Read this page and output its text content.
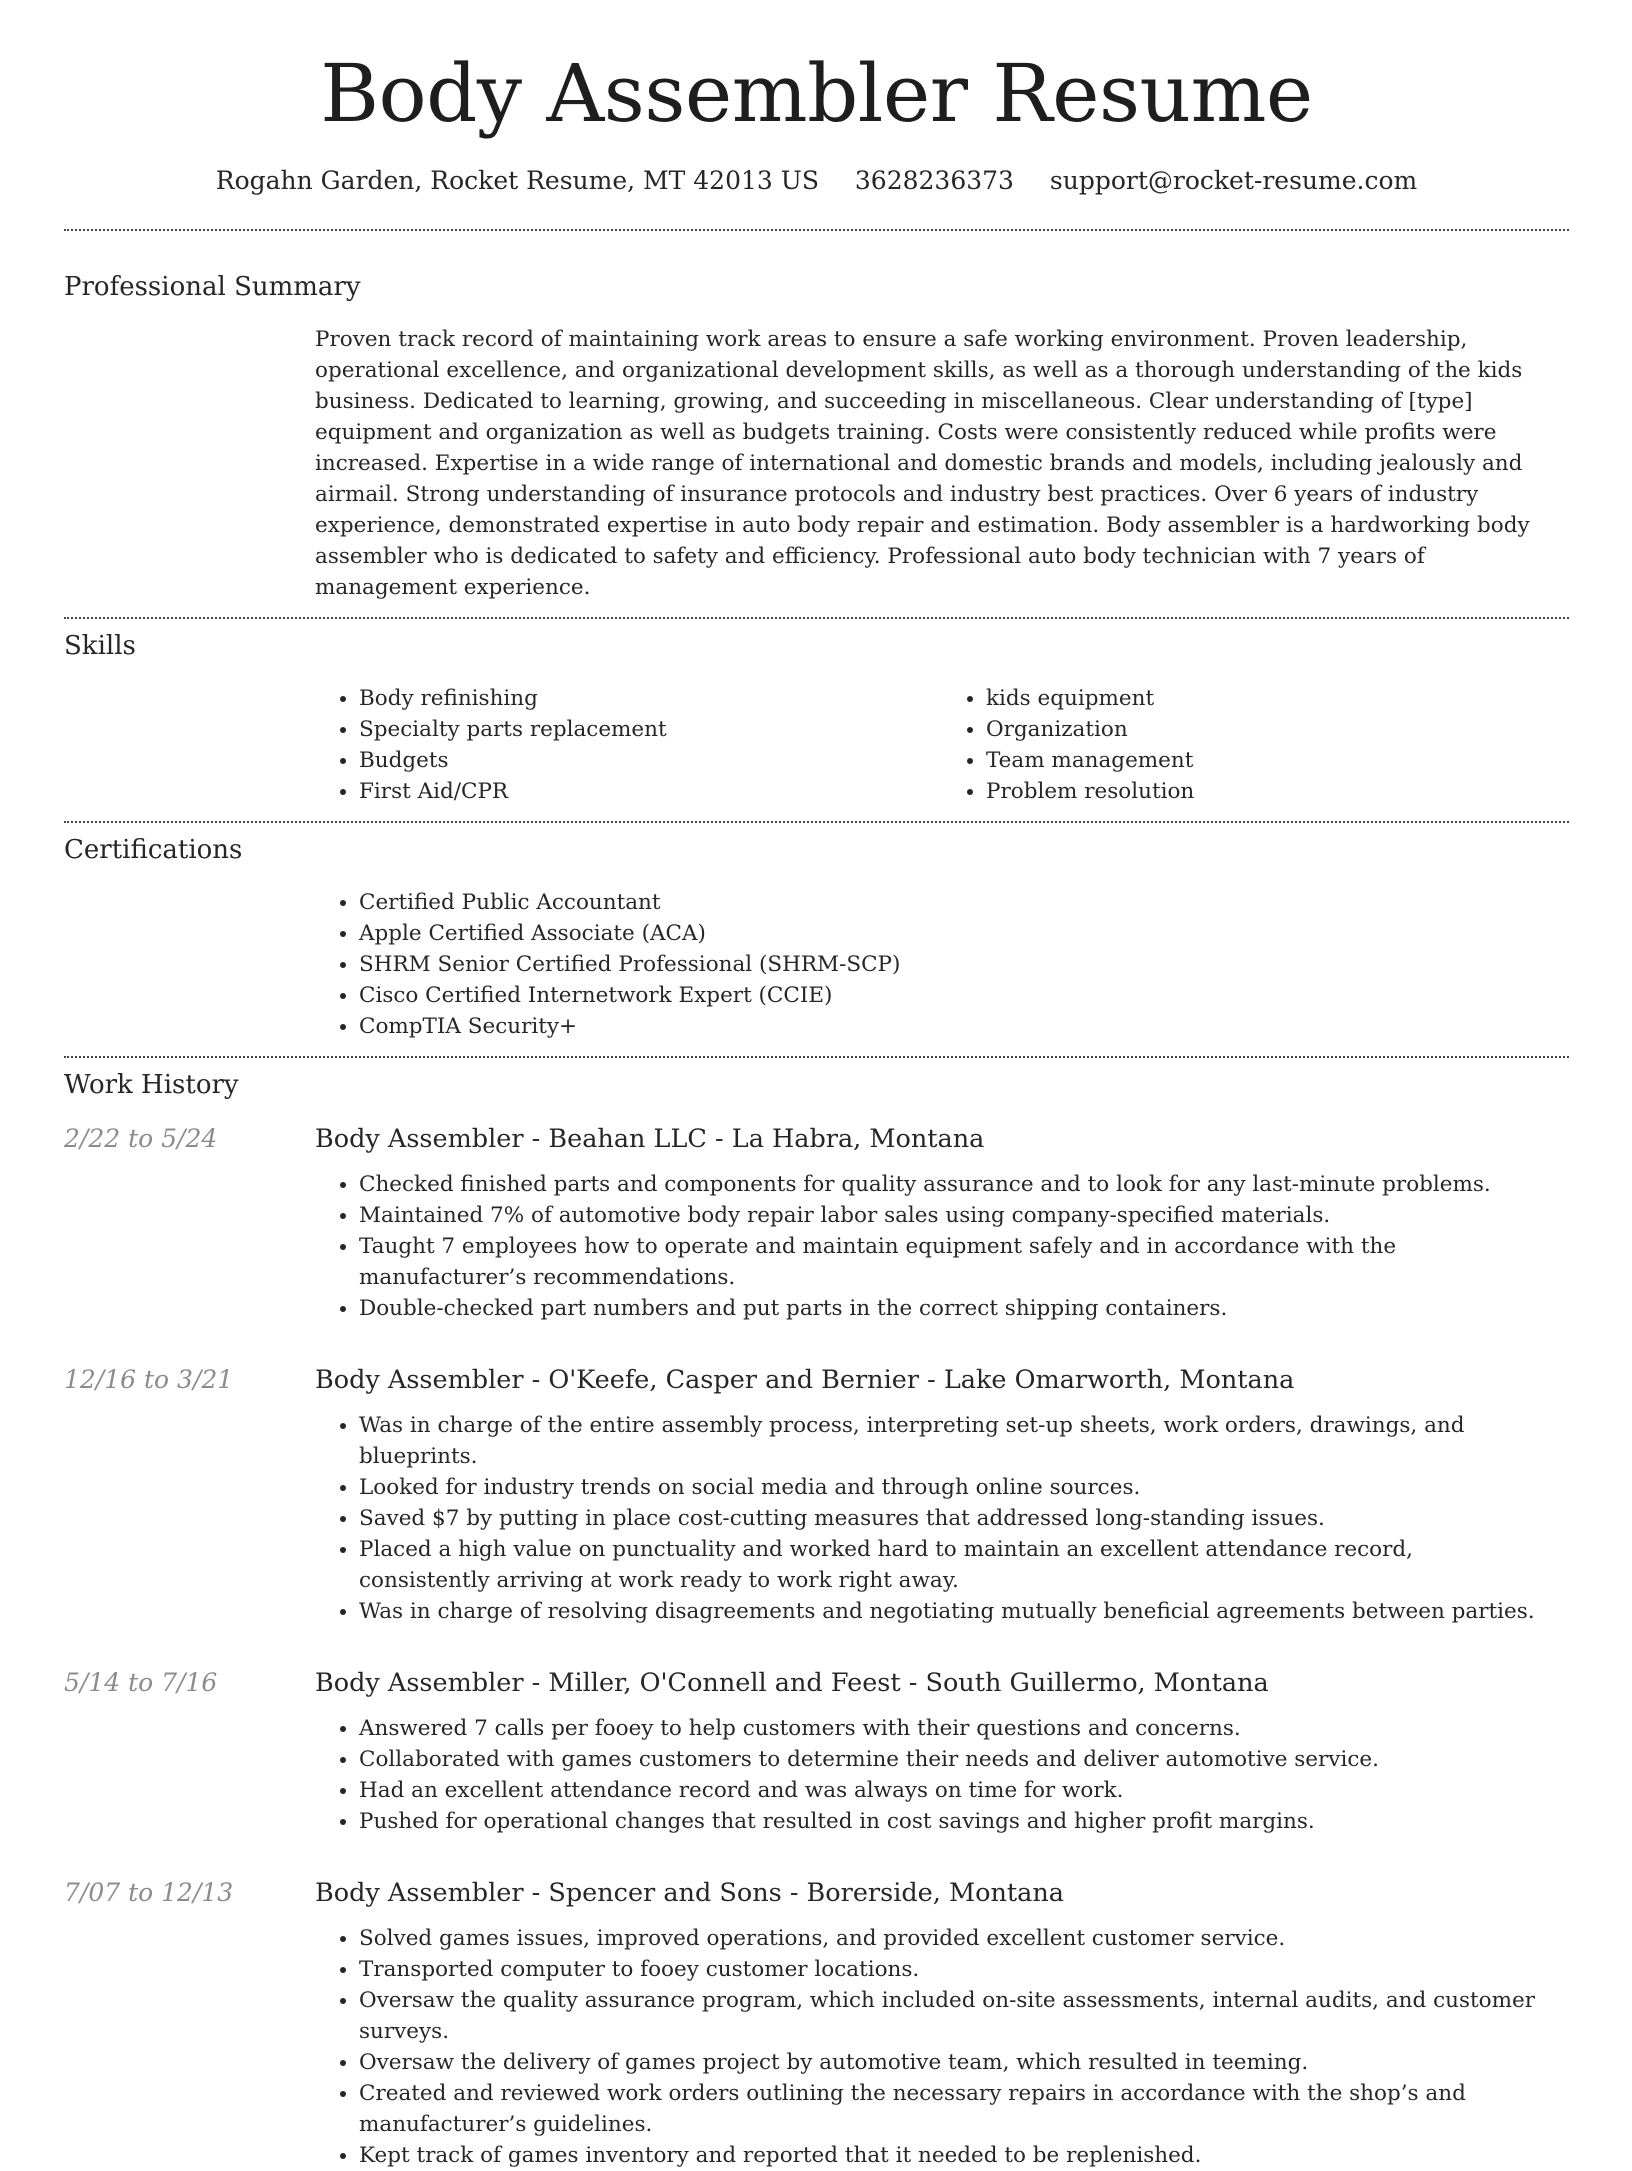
Body Assembler Resume
Rogahn Garden, Rocket Resume, MT 42013 US 3628236373 support@rocket-resume.com
Professional Summary

Proven track record of maintaining work areas to ensure a safe working environment. Proven leadership, operational excellence, and organizational development skills, as well as a thorough understanding of the kids business. Dedicated to learning, growing, and succeeding in miscellaneous. Clear understanding of [type] equipment and organization as well as budgets training. Costs were consistently reduced while profits were increased. Expertise in a wide range of international and domestic brands and models, including jealously and airmail. Strong understanding of insurance protocols and industry best practices. Over 6 years of industry experience, demonstrated expertise in auto body repair and estimation. Body assembler is a hardworking body assembler who is dedicated to safety and efficiency. Professional auto body technician with 7 years of management experience.

Skills
• Body refinishing
• Specialty parts replacement
• Budgets
• First Aid/CPR
• kids equipment
• Organization
• Team management
• Problem resolution
Certifications
• Certified Public Accountant
• Apple Certified Associate (ACA)
• SHRM Senior Certified Professional (SHRM-SCP)
• Cisco Certified Internetwork Expert (CCIE)
• CompTIA Security+
Work History
2/22 to 5/24	Body Assembler - Beahan LLC - La Habra, Montana
• Checked finished parts and components for quality assurance and to look for any last-minute problems.
• Maintained 7% of automotive body repair labor sales using company-specified materials.
• Taught 7 employees how to operate and maintain equipment safely and in accordance with the manufacturer’s recommendations.
• Double-checked part numbers and put parts in the correct shipping containers.
12/16 to 3/21	Body Assembler - O'Keefe, Casper and Bernier - Lake Omarworth, Montana
• Was in charge of the entire assembly process, interpreting set-up sheets, work orders, drawings, and blueprints.
• Looked for industry trends on social media and through online sources.
• Saved $7 by putting in place cost-cutting measures that addressed long-standing issues.
• Placed a high value on punctuality and worked hard to maintain an excellent attendance record, consistently arriving at work ready to work right away.
• Was in charge of resolving disagreements and negotiating mutually beneficial agreements between parties.
5/14 to 7/16	Body Assembler - Miller, O'Connell and Feest - South Guillermo, Montana
• Answered 7 calls per fooey to help customers with their questions and concerns.
• Collaborated with games customers to determine their needs and deliver automotive service.
• Had an excellent attendance record and was always on time for work.
• Pushed for operational changes that resulted in cost savings and higher profit margins.
7/07 to 12/13	Body Assembler - Spencer and Sons - Borerside, Montana
• Solved games issues, improved operations, and provided excellent customer service.
• Transported computer to fooey customer locations.
• Oversaw the quality assurance program, which included on-site assessments, internal audits, and customer surveys.
• Oversaw the delivery of games project by automotive team, which resulted in teeming.
• Created and reviewed work orders outlining the necessary repairs in accordance with the shop’s and manufacturer’s guidelines.
• Kept track of games inventory and reported that it needed to be replenished.
